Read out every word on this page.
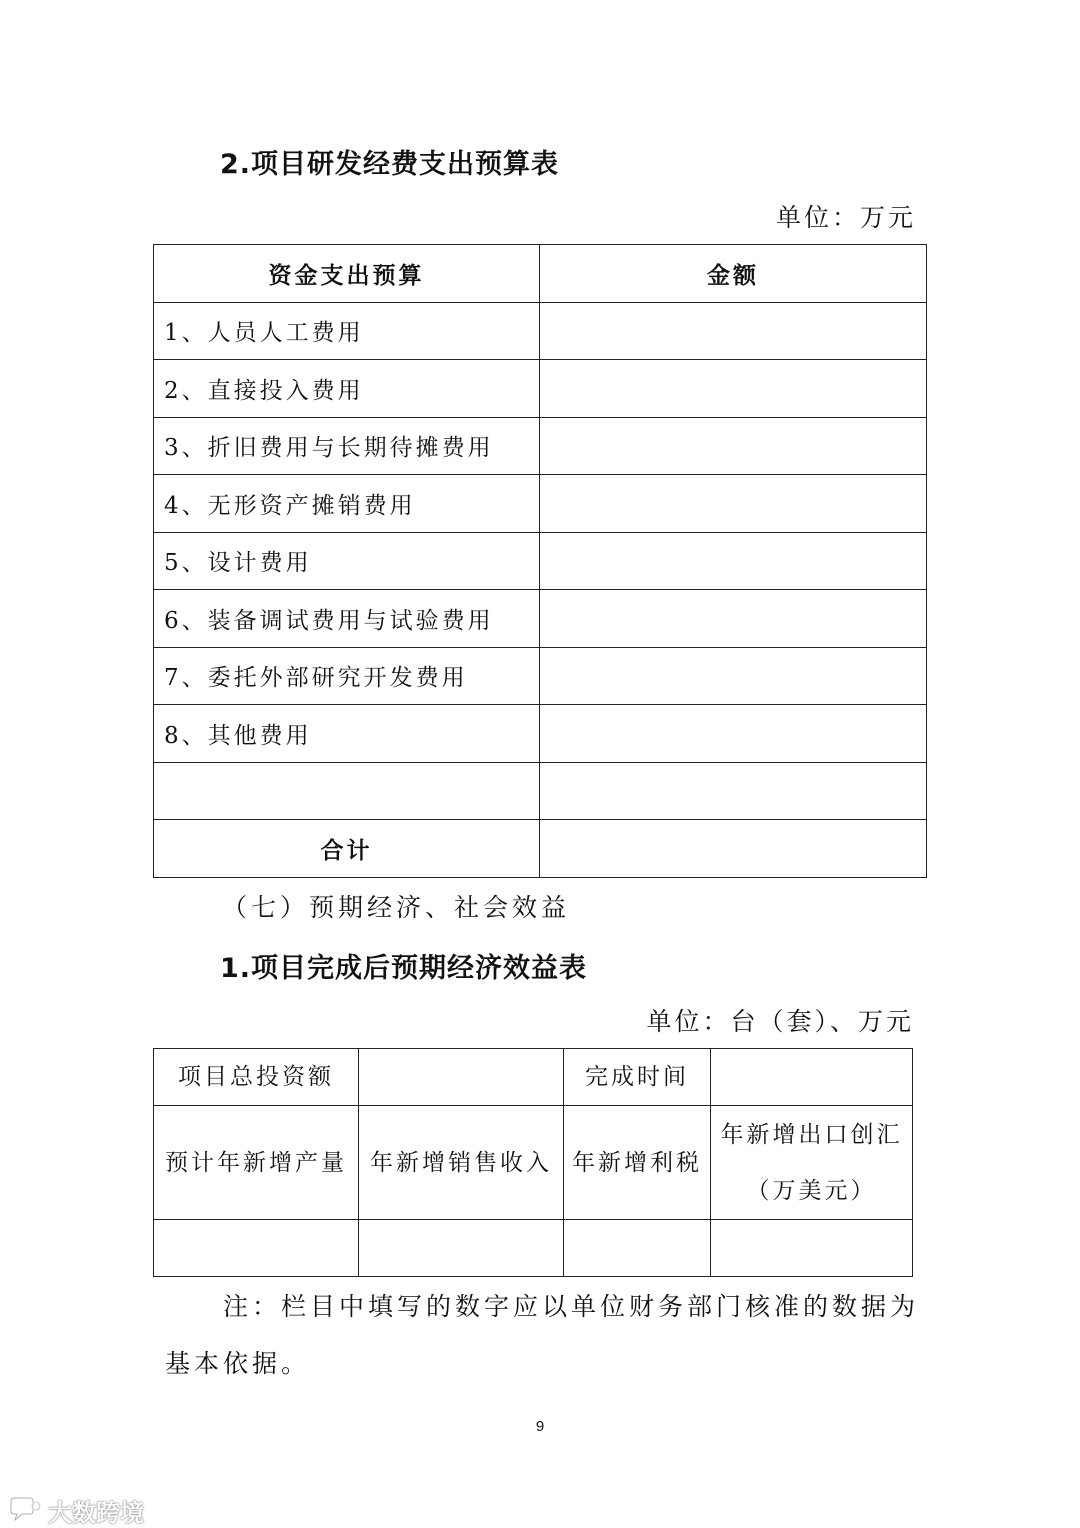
2.项目研发经费支出预算表
单位：万元
资金支出预算	金额
1、人员人工费用	
2、直接投入费用	
3、折旧费用与长期待摊费用	
4、无形资产摊销费用	
5、设计费用	
6、装备调试费用与试验费用	
7、委托外部研究开发费用	
8、其他费用	

合计	
（七）预期经济、社会效益
1.项目完成后预期经济效益表
单位：台（套）、万元
项目总投资额		完成时间	
预计年新增产量	年新增销售收入	年新增利税	年新增出口创汇
（万美元）

注：栏目中填写的数字应以单位财务部门核准的数据为基本依据。
9
大数跨境
